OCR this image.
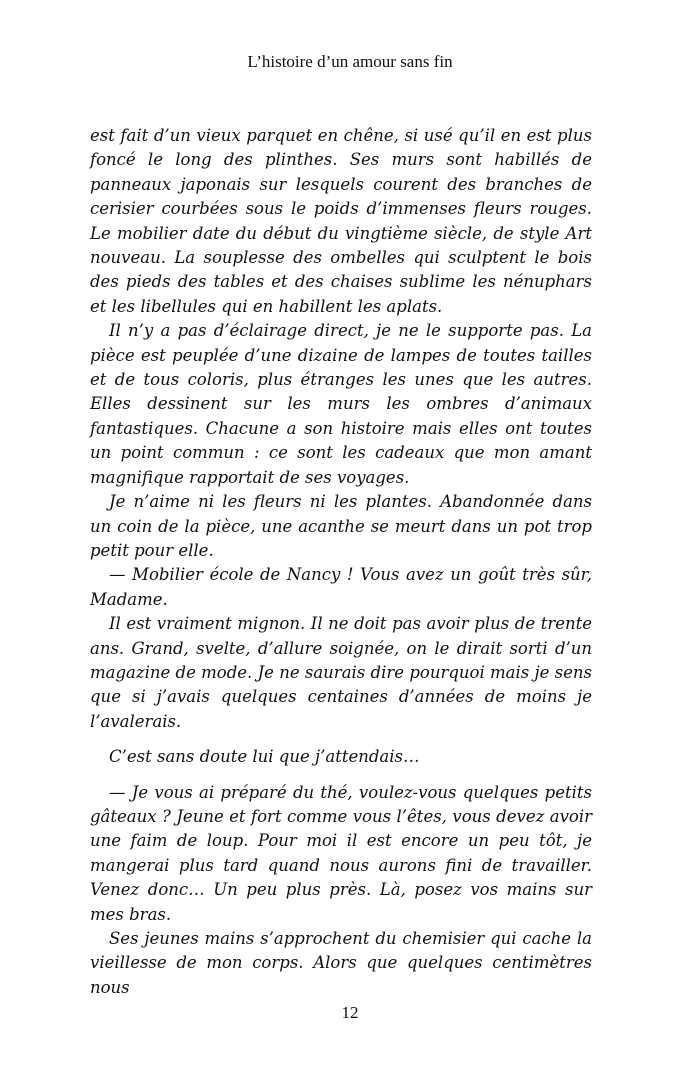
L’histoire d’un amour sans fin

est fait d’un vieux parquet en chêne, si usé qu’il en est plus foncé le long des plinthes. Ses murs sont habillés de panneaux japonais sur lesquels courent des branches de cerisier courbées sous le poids d’immenses fleurs rouges. Le mobilier date du début du vingtième siècle, de style Art nouveau. La souplesse des ombelles qui sculptent le bois des pieds des tables et des chaises sublime les nénuphars et les libellules qui en habillent les aplats.

Il n’y a pas d’éclairage direct, je ne le supporte pas. La pièce est peuplée d’une dizaine de lampes de toutes tailles et de tous coloris, plus étranges les unes que les autres. Elles dessinent sur les murs les ombres d’animaux fantastiques. Chacune a son histoire mais elles ont toutes un point commun : ce sont les cadeaux que mon amant magnifique rapportait de ses voyages.

Je n’aime ni les fleurs ni les plantes. Abandonnée dans un coin de la pièce, une acanthe se meurt dans un pot trop petit pour elle.

— Mobilier école de Nancy ! Vous avez un goût très sûr, Madame.

Il est vraiment mignon. Il ne doit pas avoir plus de trente ans. Grand, svelte, d’allure soignée, on le dirait sorti d’un magazine de mode. Je ne saurais dire pourquoi mais je sens que si j’avais quelques centaines d’années de moins je l’avalerais.

C’est sans doute lui que j’attendais…

— Je vous ai préparé du thé, voulez-vous quelques petits gâteaux ? Jeune et fort comme vous l’êtes, vous devez avoir une faim de loup. Pour moi il est encore un peu tôt, je mangerai plus tard quand nous aurons fini de travailler. Venez donc… Un peu plus près. Là, posez vos mains sur mes bras.

Ses jeunes mains s’approchent du chemisier qui cache la vieillesse de mon corps. Alors que quelques centimètres nous

12
